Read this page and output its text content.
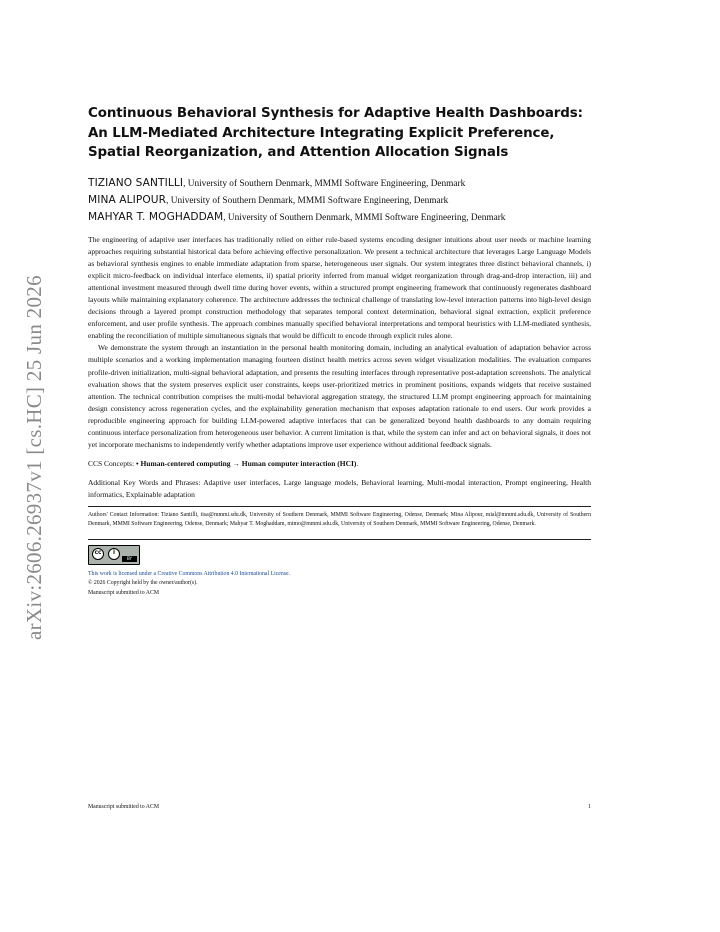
arXiv:2606.26937v1 [cs.HC] 25 Jun 2026
Continuous Behavioral Synthesis for Adaptive Health Dashboards: An LLM-Mediated Architecture Integrating Explicit Preference, Spatial Reorganization, and Attention Allocation Signals
TIZIANO SANTILLI, University of Southern Denmark, MMMI Software Engineering, Denmark
MINA ALIPOUR, University of Southern Denmark, MMMI Software Engineering, Denmark
MAHYAR T. MOGHADDAM, University of Southern Denmark, MMMI Software Engineering, Denmark

The engineering of adaptive user interfaces has traditionally relied on either rule-based systems encoding designer intuitions about user needs or machine learning approaches requiring substantial historical data before achieving effective personalization. We present a technical architecture that leverages Large Language Models as behavioral synthesis engines to enable immediate adaptation from sparse, heterogeneous user signals. Our system integrates three distinct behavioral channels, i) explicit micro-feedback on individual interface elements, ii) spatial priority inferred from manual widget reorganization through drag-and-drop interaction, iii) and attentional investment measured through dwell time during hover events, within a structured prompt engineering framework that continuously regenerates dashboard layouts while maintaining explanatory coherence. The architecture addresses the technical challenge of translating low-level interaction patterns into high-level design decisions through a layered prompt construction methodology that separates temporal context determination, behavioral signal extraction, explicit preference enforcement, and user profile synthesis. The approach combines manually specified behavioral interpretations and temporal heuristics with LLM-mediated synthesis, enabling the reconciliation of multiple simultaneous signals that would be difficult to encode through explicit rules alone.

We demonstrate the system through an instantiation in the personal health monitoring domain, including an analytical evaluation of adaptation behavior across multiple scenarios and a working implementation managing fourteen distinct health metrics across seven widget visualization modalities. The evaluation compares profile-driven initialization, multi-signal behavioral adaptation, and presents the resulting interfaces through representative post-adaptation screenshots. The analytical evaluation shows that the system preserves explicit user constraints, keeps user-prioritized metrics in prominent positions, expands widgets that receive sustained attention. The technical contribution comprises the multi-modal behavioral aggregation strategy, the structured LLM prompt engineering approach for maintaining design consistency across regeneration cycles, and the explainability generation mechanism that exposes adaptation rationale to end users. Our work provides a reproducible engineering approach for building LLM-powered adaptive interfaces that can be generalized beyond health dashboards to any domain requiring continuous interface personalization from heterogeneous user behavior. A current limitation is that, while the system can infer and act on behavioral signals, it does not yet incorporate mechanisms to independently verify whether adaptations improve user experience without additional feedback signals.

CCS Concepts: • Human-centered computing → Human computer interaction (HCI).
Additional Key Words and Phrases: Adaptive user interfaces, Large language models, Behavioral learning, Multi-modal interaction, Prompt engineering, Health informatics, Explainable adaptation
Authors' Contact Information: Tiziano Santilli, tisa@mmmi.sdu.dk, University of Southern Denmark, MMMI Software Engineering, Odense, Denmark; Mina Alipour, mial@mmmi.sdu.dk, University of Southern Denmark, MMMI Software Engineering, Odense, Denmark; Mahyar T. Moghaddam, mtmo@mmmi.sdu.dk, University of Southern Denmark, MMMI Software Engineering, Odense, Denmark.
cc	i
BY
This work is licensed under a Creative Commons Attribution 4.0 International License.
© 2026 Copyright held by the owner/author(s).
Manuscript submitted to ACM
Manuscript submitted to ACM	1
